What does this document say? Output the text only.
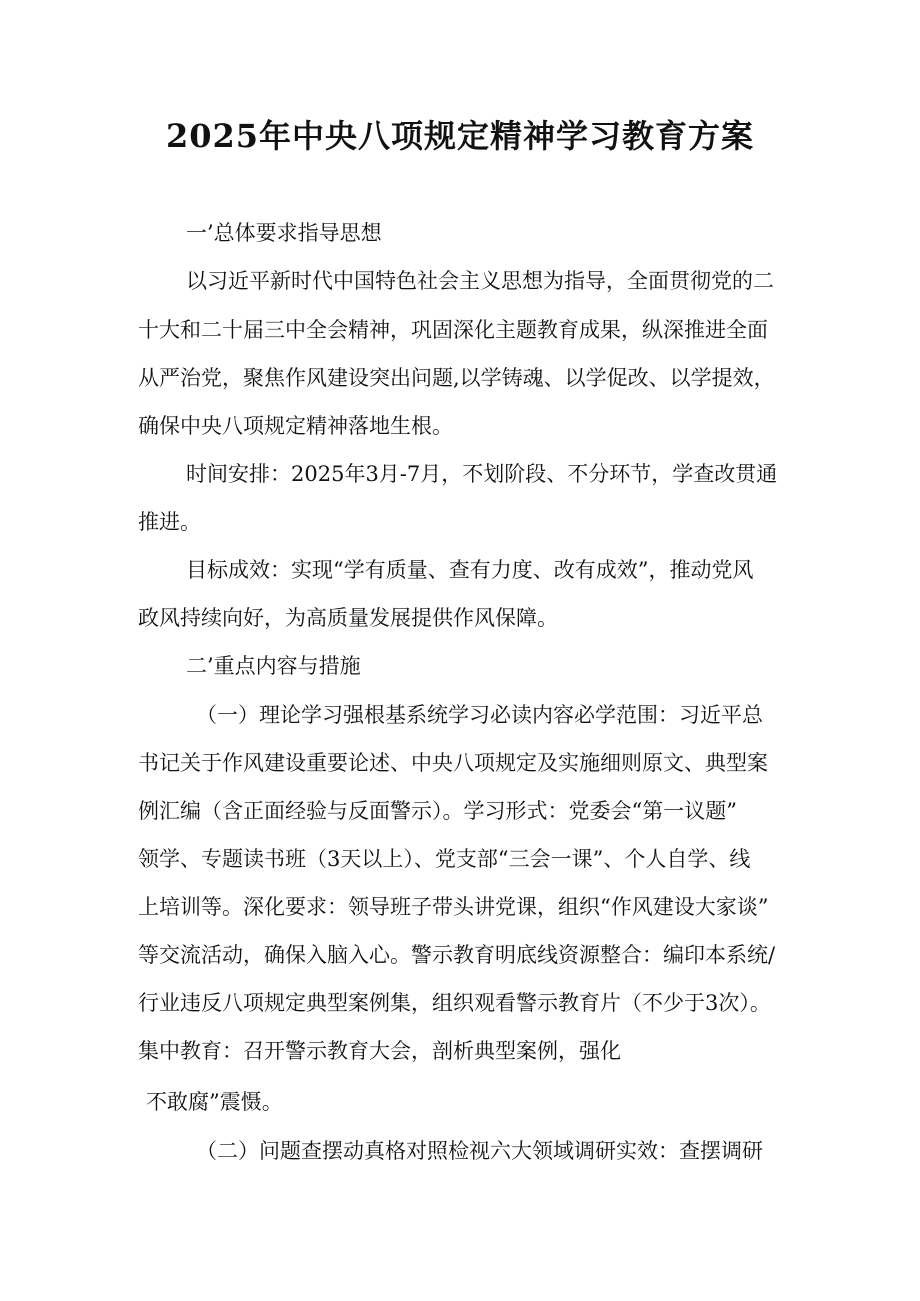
2025年中央八项规定精神学习教育方案
一’总体要求指导思想
以习近平新时代中国特色社会主义思想为指导，全面贯彻党的二
十大和二十届三中全会精神，巩固深化主题教育成果，纵深推进全面
从严治党，聚焦作风建设突出问题,以学铸魂、以学促改、以学提效，
确保中央八项规定精神落地生根。
时间安排：2025年3月-7月，不划阶段、不分环节，学查改贯通
推进。
目标成效：实现“学有质量、查有力度、改有成效”，推动党风
政风持续向好，为高质量发展提供作风保障。
二’重点内容与措施
（一）理论学习强根基系统学习必读内容必学范围：习近平总
书记关于作风建设重要论述、中央八项规定及实施细则原文、典型案
例汇编（含正面经验与反面警示）。学习形式：党委会“第一议题”
领学、专题读书班（3天以上）、党支部“三会一课”、个人自学、线
上培训等。深化要求：领导班子带头讲党课，组织“作风建设大家谈”
等交流活动，确保入脑入心。警示教育明底线资源整合：编印本系统/
行业违反八项规定典型案例集，组织观看警示教育片（不少于3次）。
集中教育：召开警示教育大会，剖析典型案例，强化
不敢腐”震慑。
（二）问题查摆动真格对照检视六大领域调研实效：查摆调研
